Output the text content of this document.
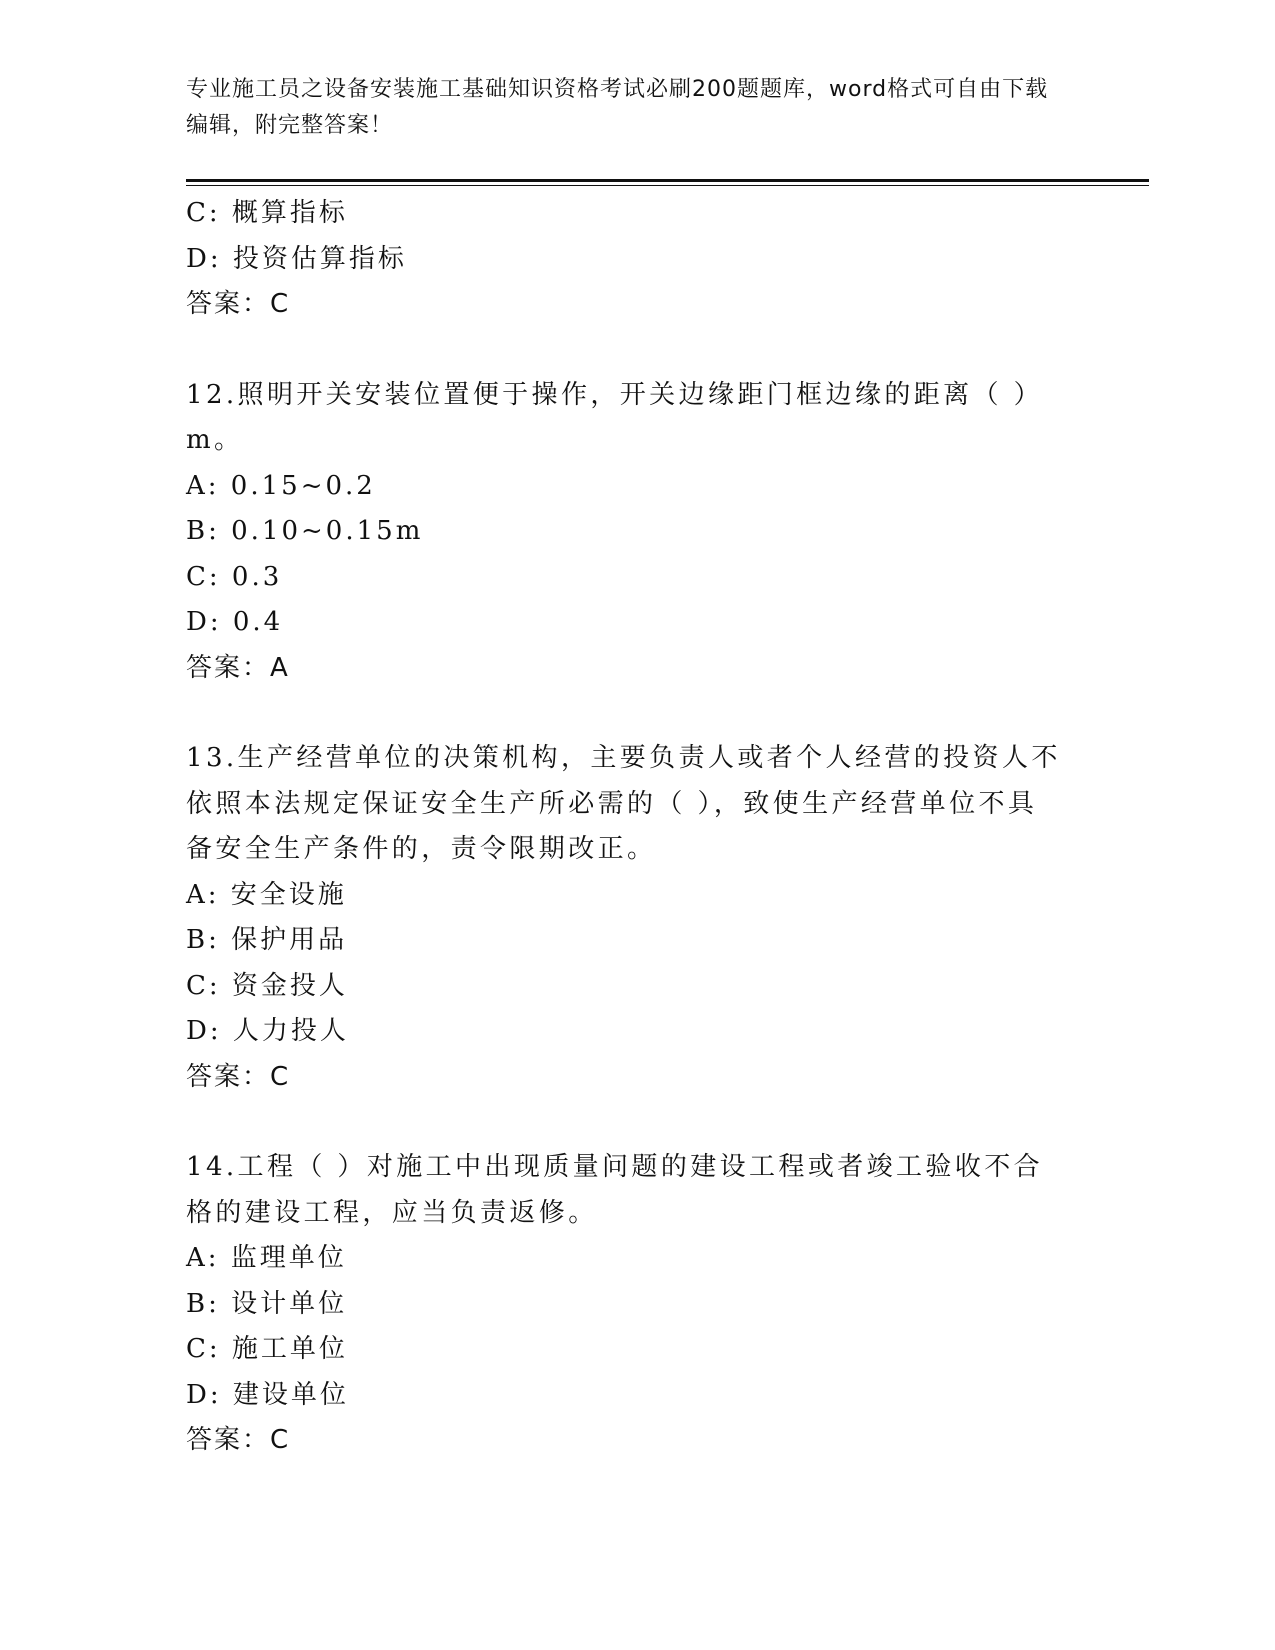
专业施工员之设备安装施工基础知识资格考试必刷200题题库，word格式可自由下载编辑，附完整答案！
C: 概算指标
D: 投资估算指标
答案：C
12.照明开关安装位置便于操作，开关边缘距门框边缘的距离（ ）m。
A: 0.15~0.2
B: 0.10~0.15m
C: 0.3
D: 0.4
答案：A
13.生产经营单位的决策机构，主要负责人或者个人经营的投资人不依照本法规定保证安全生产所必需的（ ），致使生产经营单位不具备安全生产条件的，责令限期改正。
A: 安全设施
B: 保护用品
C: 资金投人
D: 人力投人
答案：C
14.工程（ ）对施工中出现质量问题的建设工程或者竣工验收不合格的建设工程，应当负责返修。
A: 监理单位
B: 设计单位
C: 施工单位
D: 建设单位
答案：C
